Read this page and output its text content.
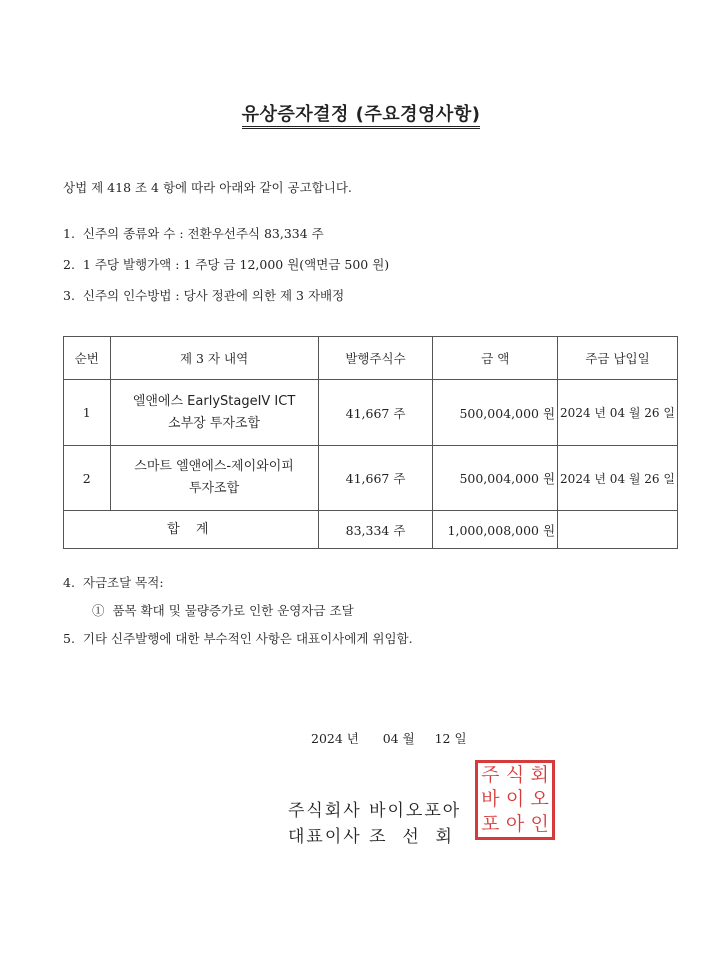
유상증자결정 (주요경영사항)
상법 제 418 조 4 항에 따라 아래와 같이 공고합니다.
1. 신주의 종류와 수 : 전환우선주식 83,334 주
2. 1 주당 발행가액 : 1 주당 금 12,000 원(액면금 500 원)
3. 신주의 인수방법 : 당사 정관에 의한 제 3 자배정
순번	제 3 자 내역	발행주식수	금 액	주금 납입일
1	엘앤에스 EarlyStageIV ICT
소부장 투자조합	41,667 주	500,004,000 원	2024 년 04 월 26 일
2	스마트 엘앤에스-제이와이피
투자조합	41,667 주	500,004,000 원	2024 년 04 월 26 일
합 계		83,334 주	1,000,008,000 원	
4. 자금조달 목적:
①  품목 확대 및 물량증가로 인한 운영자금 조달
5. 기타 신주발행에 대한 부수적인 사항은 대표이사에게 위임함.
2024 년 04 월 12 일
주식회사 바이오포아
대표이사 조  선  회
주 식 회
바 이 오
포 아 인
